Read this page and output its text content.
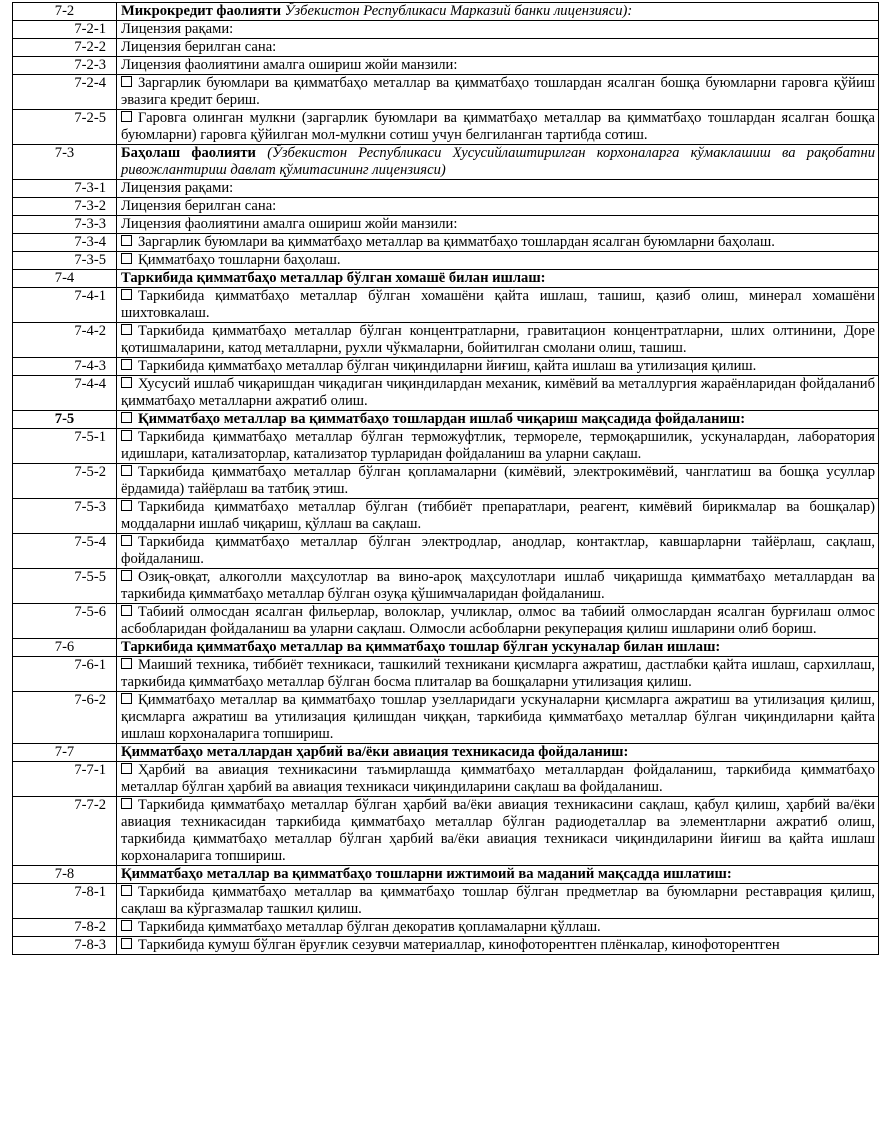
7-2	Микрокредит фаолияти Ўзбекистон Республикаси Марказий банки лицензияси):
7-2-1	Лицензия рақами:
7-2-2	Лицензия берилган сана:
7-2-3	Лицензия фаолиятини амалга ошириш жойи манзили:
7-2-4	Заргарлик буюмлари ва қимматбаҳо металлар ва қимматбаҳо тошлардан ясалган бошқа буюмларни гаровга қўйиш эвазига кредит бериш.
7-2-5	Гаровга олинган мулкни (заргарлик буюмлари ва қимматбаҳо металлар ва қимматбаҳо тошлардан ясалган бошқа буюмларни) гаровга қўйилган мол-мулкни сотиш учун белгиланган тартибда сотиш.
7-3	Баҳолаш фаолияти (Ўзбекистон Республикаси Хусусийлаштирилган корхоналарга кўмаклашиш ва рақобатни ривожлантириш давлат қўмитасининг лицензияси)
7-3-1	Лицензия рақами:
7-3-2	Лицензия берилган сана:
7-3-3	Лицензия фаолиятини амалга ошириш жойи манзили:
7-3-4	Заргарлик буюмлари ва қимматбаҳо металлар ва қимматбаҳо тошлардан ясалган буюмларни баҳолаш.
7-3-5	Қимматбаҳо тошларни баҳолаш.
7-4	Таркибида қимматбаҳо металлар бўлган хомашё билан ишлаш:
7-4-1	Таркибида қимматбаҳо металлар бўлган хомашёни қайта ишлаш, ташиш, қазиб олиш, минерал хомашёни шихтовкалаш.
7-4-2	Таркибида қимматбаҳо металлар бўлган концентратларни, гравитацион концентратларни, шлих олтинини, Доре қотишмаларини, катод металларни, рухли чўкмаларни, бойитилган смолани олиш, ташиш.
7-4-3	Таркибида қимматбаҳо металлар бўлган чиқиндиларни йиғиш, қайта ишлаш ва утилизация қилиш.
7-4-4	Хусусий ишлаб чиқаришдан чиқадиган чиқиндилардан механик, кимёвий ва металлургия жараёнларидан фойдаланиб қимматбаҳо металларни ажратиб олиш.
7-5	Қимматбаҳо металлар ва қимматбаҳо тошлардан ишлаб чиқариш мақсадида фойдаланиш:
7-5-1	Таркибида қимматбаҳо металлар бўлган терможуфтлик, термореле, термоқаршилик, ускуналардан, лаборатория идишлари, катализаторлар, катализатор турларидан фойдаланиш ва уларни сақлаш.
7-5-2	Таркибида қимматбаҳо металлар бўлган қопламаларни (кимёвий, электрокимёвий, чанглатиш ва бошқа усуллар ёрдамида) тайёрлаш ва татбиқ этиш.
7-5-3	Таркибида қимматбаҳо металлар бўлган (тиббиёт препаратлари, реагент, кимёвий бирикмалар ва бошқалар) моддаларни ишлаб чиқариш, қўллаш ва сақлаш.
7-5-4	Таркибида қимматбаҳо металлар бўлган электродлар, анодлар, контактлар, кавшарларни тайёрлаш, сақлаш, фойдаланиш.
7-5-5	Озиқ-овқат, алкоголли маҳсулотлар ва вино-ароқ маҳсулотлари ишлаб чиқаришда қимматбаҳо металлардан ва таркибида қимматбаҳо металлар бўлган озуқа қўшимчаларидан фойдаланиш.
7-5-6	Табиий олмосдан ясалган фильерлар, волоклар, учликлар, олмос ва табиий олмослардан ясалган бурғилаш олмос асбобларидан фойдаланиш ва уларни сақлаш. Олмосли асбобларни рекуперация қилиш ишларини олиб бориш.
7-6	Таркибида қимматбаҳо металлар ва қимматбаҳо тошлар бўлган ускуналар билан ишлаш:
7-6-1	Маиший техника, тиббиёт техникаси, ташкилий техникани қисмларга ажратиш, дастлабки қайта ишлаш, сархиллаш, таркибида қимматбаҳо металлар бўлган босма плиталар ва бошқаларни утилизация қилиш.
7-6-2	Қимматбаҳо металлар ва қимматбаҳо тошлар узелларидаги ускуналарни қисмларга ажратиш ва утилизация қилиш, қисмларга ажратиш ва утилизация қилишдан чиққан, таркибида қимматбаҳо металлар бўлган чиқиндиларни қайта ишлаш корхоналарига топшириш.
7-7	Қимматбаҳо металлардан ҳарбий ва/ёки авиация техникасида фойдаланиш:
7-7-1	Ҳарбий ва авиация техникасини таъмирлашда қимматбаҳо металлардан фойдаланиш, таркибида қимматбаҳо металлар бўлган ҳарбий ва авиация техникаси чиқиндиларини сақлаш ва фойдаланиш.
7-7-2	Таркибида қимматбаҳо металлар бўлган ҳарбий ва/ёки авиация техникасини сақлаш, қабул қилиш, ҳарбий ва/ёки авиация техникасидан таркибида қимматбаҳо металлар бўлган радиодеталлар ва элементларни ажратиб олиш, таркибида қимматбаҳо металлар бўлган ҳарбий ва/ёки авиация техникаси чиқиндиларини йиғиш ва қайта ишлаш корхоналарига топшириш.
7-8	Қимматбаҳо металлар ва қимматбаҳо тошларни ижтимоий ва маданий мақсадда ишлатиш:
7-8-1	Таркибида қимматбаҳо металлар ва қимматбаҳо тошлар бўлган предметлар ва буюмларни реставрация қилиш, сақлаш ва кўргазмалар ташкил қилиш.
7-8-2	Таркибида қимматбаҳо металлар бўлган декоратив қопламаларни қўллаш.
7-8-3	Таркибида кумуш бўлган ёруғлик сезувчи материаллар, кинофоторентген плёнкалар, кинофоторентген
